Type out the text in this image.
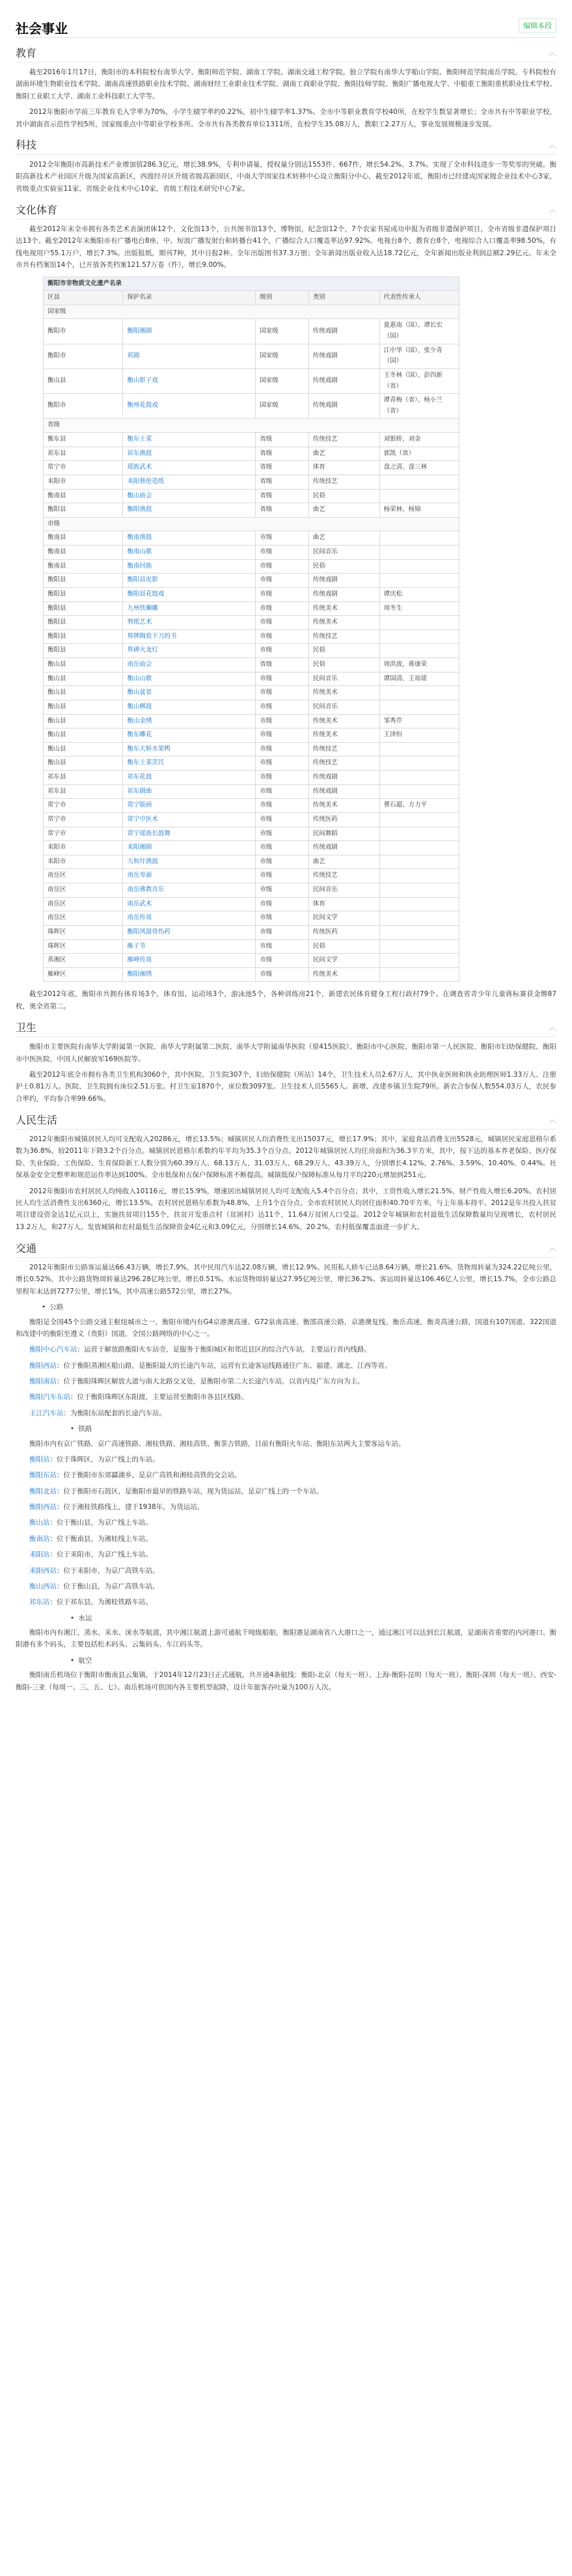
社会事业	编辑本段
教育	︿

截至2016年1月17日，衡阳市的本科院校有南华大学、衡阳师范学院、湖南工学院、湖南交通工程学院。独立学院有南华大学船山学院、衡阳师范学院南岳学院。专科院校有湖南环境生物职业技术学院、湖南高速铁路职业技术学院、湖南财经工业职业技术学院、湖南工商职业学院、衡阳技师学院、衡阳广播电视大学、中船重工衡阳重机职业技术学校、衡阳工业职工大学、湖南工业科技职工大学等。

2012年衡阳市学前三年教育毛入学率为70%，小学生辍学率约0.22%，初中生辍学率1.37%。全市中等职业教育学校40所，在校学生数显著增长；全市共有中等职业学校，其中湖南省示范性学校5所，国家级重点中等职业学校多所。全市共有各类教育单位1311所，在校学生35.08万人，教职工2.27万人，事业发展规模逐步发展。

科技	︿

2012全年衡阳市高新技术产业增加值286.3亿元，增长38.9%，专利申请量，授权量分别达1553件、667件，增长54.2%、3.7%。实现了全市科技进步一等奖零的突破。衡阳高新技术产业园区升级为国家高新区，西渡经开区升级省级高新园区，中南大学国家技术转移中心设立衡阳分中心，截至2012年底，衡阳市已经建成国家级企业技术中心3家，省级重点实验室11家，省级企业技术中心10家，省级工程技术研究中心7家。

文化体育	︿

截至2012年末全市拥有各类艺术表演团体12个，文化馆13个，公共图书馆13个，博物馆，纪念馆12个，7个农家书屋成功申报为省级非遗保护项目，全市省级非遗保护项目达13个。截至2012年末衡阳市有广播电台8座，中、短波广播发射台和转播台41个，广播综合人口覆盖率达97.92%，电视台8个，教育台8个，电视综合人口覆盖率98.50%，有线电视用户55.1万户，增长7.3%。出版报纸，期刊7种，其中日报2种。全年出版图书37.3万册；全年新闻出版业收入达18.72亿元，全年新闻出版业利润总额2.29亿元。年末全市共有档案馆14个，已开放各类档案121.57万卷（件），增长9.00%。

衡阳市非物质文化遗产名录				
区县	保护名录	级别	类别	代表性传承人
国家级				
衡阳市	衡阳湘剧	国家级	传统戏剧	夏惠南（国）、谭长宏（国）
衡阳市	祁剧	国家级	传统戏剧	江中华（国）、张少青（国）
衡山县	衡山影子戏	国家级	传统戏剧	王冬林（国）、彭四新（省）
衡阳市	衡州花鼓戏	国家级	传统戏剧	谭青梅（省）、杨小兰（省）
省级				
衡东县	衡东土菜	省级	传统技艺	刘银桥、刘金
祁东县	祁东渔鼓	省级	曲艺	郭凯（省）
常宁市	瑶族武术	省级	体育	盘之清、盘三林
耒阳市	耒阳蔡伦造纸	省级	传统技艺	
衡南县	衡山庙会	省级	民俗	
衡阳县	衡阳渔鼓	省级	曲艺	杨荣林、杨锦
市级				
衡南县	衡南渔鼓	市级	曲艺	
衡南县	衡南山歌	市级	民间音乐	
衡南县	衡南回族	市级	民俗	
衡阳县	衡阳县皮影	市级	传统戏剧	
衡阳县	衡阳县花鼓戏	市级	传统戏剧	谭庆松
衡阳县	九州铁狮雕	市级	传统美术	周冬生
衡阳县	剪纸艺术	市级	传统美术	
衡阳县	界牌陶瓷下刀的书	市级	传统技艺	
衡阳县	界碑火龙灯	市级	民俗	
衡山县	南岳庙会	省级	民俗	周洪波、蒋康荣
衡山县	衡山山歌	市级	民间音乐	谭国清、王琼瑶
衡山县	衡山盆景	市级	传统美术	
衡山县	衡山梆鼓	市级	民间音乐	
衡山县	衡山金绣	市级	传统美术	邹秀芹
衡山县	衡东雕花	市级	传统美术	王泽恒
衡山县	衡东大桥水果鸭	市级	传统技艺	
衡山县	衡东土菜烹饪	市级	传统技艺	
祁东县	祁东花鼓	市级	传统戏剧	
祁东县	祁东剧曲	市级	传统戏剧	
常宁市	常宁版画	市级	传统美术	曹石超、方力平
常宁市	常宁中医术	市级	传统医药	
常宁市	常宁瑶族长鼓舞	市级	民间舞蹈	
耒阳市	耒阳湘剧	市级	传统戏剧	
耒阳市	大和圩渔鼓	市级	曲艺	
南岳区	南岳寿面	市级	传统技艺	
南岳区	南岳佛教音乐	市级	民间音乐	
南岳区	南岳武术	市级	体育	
南岳区	南岳传说	市级	民间文学	
珠晖区	衡阳风湿骨伤药	市级	传统医药	
珠晖区	雁子节	市级	民俗	
蒸湘区	雁峰传说	市级	民间文学	
雁峰区	衡阳湘绣	市级	传统美术	

截至2012年底，衡阳市共拥有体育场3个，体育馆，运动场3个，游泳池5个，各种训练房21个，新建农民体育健身工程行政村79个。在调查省青少年儿童蒋标赛获金牌87枚，奥全省第二。

卫生	︿

衡阳市主要医院有南华大学附属第一医院、南华大学附属第二医院、南华大学附属南华医院（原415医院）、衡阳市中心医院、衡阳市第一人民医院、衡阳市妇幼保健院、衡阳市中医医院、中国人民解放军169医院等。

截至2012年底全市拥有各类卫生机构3060个，其中医院、卫生院307个，妇幼保健院（所站）14个，卫生技术人员2.67万人，其中执业医师和执业助理医师1.33万人、注册护士0.81万人。医院、卫生院拥有床位2.51万张。村卫生室1870个，床位数3097张。卫生技术人员5565人。新增、改建乡镇卫生院79所。新农合参保人数554.03万人，农民参合率约，平均参合率99.66%。

人民生活	︿

2012年衡阳市城镇居民人均可支配收入20286元，增长13.5%；城镇居民人均消费性支出15037元，增长17.9%；其中，家庭食品消费支出5528元，城镇居民家庭恩格尔系数为36.8%，较2011年下降3.2个百分点。城镇居民恩格尔系数约年平均为35.3个百分点。2012年城镇居民人均住房面积为36.3平方米，其中，按下达的基本养老保险、医疗保险、失业保险、工伤保险、生育保险新工人数分别为60.39万人、68.13万人、31.03万人、68.29万人、43.39万人，分别增长4.12%、2.76%、3.59%、10.40%、0.44%。社保基金安全完整率和规范运作率达到100%。全市低保和五保户保障标准不断提高。城镇低保户保障标准从每月平均220元增加到251元。

2012年衡阳市农村居民人均纯收入10116元，增长15.9%，增速居出城镇居民人均可支配收入5.4个百分点；其中，工资性收入增长21.5%，财产性收入增长6.20%。农村居民人均生活消费性支出6360元，增长13.5%，农村居民恩格尔系数为48.8%，上升1个百分点。全市农村居民人均居住面积40.70平方米，与上年基本持平。2012是年共投入扶贫项目建设资金达1亿元以上，实施扶贫项目155个，扶贫开发重点村（贫困村）达11个，11.64万贫困人口受益。2012全年城镇和农村最低生活保障数量均呈现增长，农村居民13.2万人，和27万人。发放城镇和农村最低生活保障资金4亿元和3.09亿元，分别增长14.6%、20.2%，农村低保覆盖面进一步扩大。

交通	︿

2012年衡阳市公路客运量达66.43万辆，增长7.9%，其中民用汽车达22.08万辆，增长12.9%。民用私人轿车已达8.64万辆，增长21.6%。货物周转量为324.22亿吨公里，增长0.52%，其中公路货物周转量达296.28亿吨公里，增长0.51%。水运货物周转量达27.95亿吨公里，增长36.2%。客运周转量达106.46亿人公里，增长15.7%，全市公路总里程年末达到7277公里，增长1%，其中高速公路572公里，增长27%。

• 公路

衡阳是全国45个公路交通主枢纽城市之一，衡阳市境内有G4京港澳高速、G72泉南高速、衡邵高速公路，京港澳复线、衡岳高速、衡炎高速公路，国道有107国道、322国道和改建中的衡阳至遵义（贵阳）国道，全国公路网络的中心之一。

衡阳中心汽车站：运营于解放路衡阳火车站旁，是服务于衡阳城区和邻近县区的综合汽车站，主要运行省内线路。

衡阳西站：位于衡阳蒸湘区船山路，是衡阳最大的长途汽车站，运营有长途客运线路通往广东、福建、湖北、江西等省。

衡阳南站：位于衡阳珠晖区解放大道与南大北路交叉处，是衡阳市第二大长途汽车站，以省内及广东方向为主。

衡阳汽车东站：位于衡阳珠晖区东阳渡，主要运营至衡阳市各县区线路。

王江汽车站：为衡阳东站配套的长途汽车站。

• 铁路

衡阳市内有京广铁路、京广高速铁路、湘桂铁路、湘桂高铁、衡茶吉铁路，目前有衡阳火车站、衡阳东站两大主要客运车站。

衡阳站：位于珠晖区，为京广线上的车站。

衡阳东站：位于衡阳市东郊酃湖乡，是京广高铁和湘桂高铁的交会站。

衡阳北站：位于衡阳市石鼓区，是衡阳市最早的铁路车站，现为货运站，是京广线上的一个车站。

衡阳西站：位于湘桂铁路线上，建于1938年，为货运站。

衡山站：位于衡山县，为京广线上车站。

衡南站：位于衡南县，为湘桂线上车站。

耒阳站：位于耒阳市，为京广线上车站。

耒阳西站：位于耒阳市，为京广高铁车站。

衡山西站：位于衡山县，为京广高铁车站。

祁东站：位于祁东县，为湘桂铁路车站。

• 水运

衡阳市内有湘江、蒸水、耒水、洣水等航道，其中湘江航道上游可通航千吨级船舶，衡阳港是湖南省八大港口之一，通过湘江可以达到长江航道，是湖南省重要的内河港口。衡阳港有多个码头，主要包括松木码头、云集码头、车江码头等。

• 航空

衡阳南岳机场位于衡阳市衡南县云集镇，于2014年12月23日正式通航，共开通4条航线：衡阳-北京（每天一班）、上海-衡阳-昆明（每天一班）、衡阳-深圳（每天一班）、西安-衡阳-三亚（每周一、三、五、七）。南岳机场可供国内各主要机型起降，设计年旅客吞吐量为100万人次。
